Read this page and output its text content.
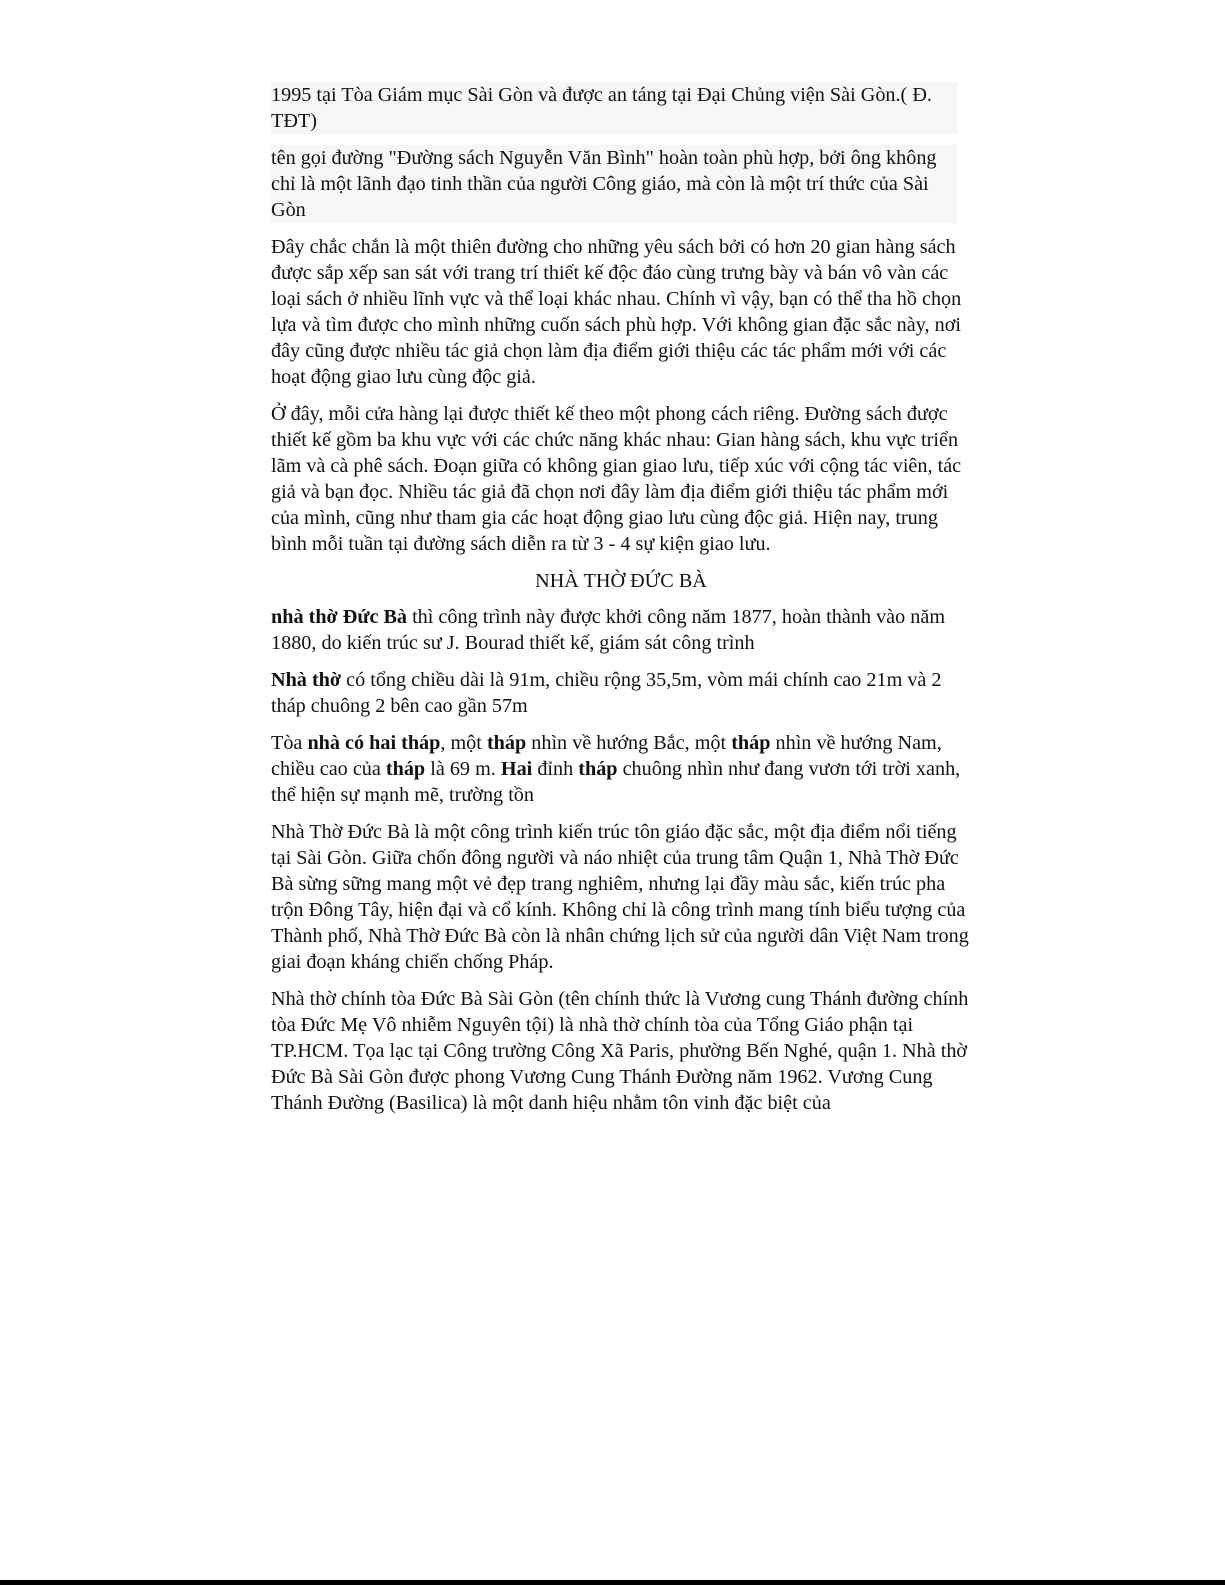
1995 tại Tòa Giám mục Sài Gòn và được an táng tại Đại Chủng viện Sài Gòn.( Đ. TĐT)

tên gọi đường "Đường sách Nguyễn Văn Bình" hoàn toàn phù hợp, bởi ông không chỉ là một lãnh đạo tinh thần của người Công giáo, mà còn là một trí thức của Sài Gòn

Đây chắc chắn là một thiên đường cho những yêu sách bởi có hơn 20 gian hàng sách được sắp xếp san sát với trang trí thiết kế độc đáo cùng trưng bày và bán vô vàn các loại sách ở nhiều lĩnh vực và thể loại khác nhau. Chính vì vậy, bạn có thể tha hồ chọn lựa và tìm được cho mình những cuốn sách phù hợp. Với không gian đặc sắc này, nơi đây cũng được nhiều tác giả chọn làm địa điểm giới thiệu các tác phẩm mới với các hoạt động giao lưu cùng độc giả.

Ở đây, mỗi cửa hàng lại được thiết kế theo một phong cách riêng. Đường sách được thiết kế gồm ba khu vực với các chức năng khác nhau: Gian hàng sách, khu vực triển lãm và cà phê sách. Đoạn giữa có không gian giao lưu, tiếp xúc với cộng tác viên, tác giả và bạn đọc. Nhiều tác giả đã chọn nơi đây làm địa điểm giới thiệu tác phẩm mới của mình, cũng như tham gia các hoạt động giao lưu cùng độc giả. Hiện nay, trung bình mỗi tuần tại đường sách diễn ra từ 3 - 4 sự kiện giao lưu.

NHÀ THỜ ĐỨC BÀ

nhà thờ Đức Bà thì công trình này được khởi công năm 1877, hoàn thành vào năm 1880, do kiến trúc sư J. Bourad thiết kế, giám sát công trình

Nhà thờ có tổng chiều dài là 91m, chiều rộng 35,5m, vòm mái chính cao 21m và 2 tháp chuông 2 bên cao gần 57m

Tòa nhà có hai tháp, một tháp nhìn về hướng Bắc, một tháp nhìn về hướng Nam, chiều cao của tháp là 69 m. Hai đỉnh tháp chuông nhìn như đang vươn tới trời xanh, thể hiện sự mạnh mẽ, trường tồn

Nhà Thờ Đức Bà là một công trình kiến trúc tôn giáo đặc sắc, một địa điểm nổi tiếng tại Sài Gòn. Giữa chốn đông người và náo nhiệt của trung tâm Quận 1, Nhà Thờ Đức Bà sừng sững mang một vẻ đẹp trang nghiêm, nhưng lại đầy màu sắc, kiến trúc pha trộn Đông Tây, hiện đại và cổ kính. Không chỉ là công trình mang tính biểu tượng của Thành phố, Nhà Thờ Đức Bà còn là nhân chứng lịch sử của người dân Việt Nam trong giai đoạn kháng chiến chống Pháp.

Nhà thờ chính tòa Đức Bà Sài Gòn (tên chính thức là Vương cung Thánh đường chính tòa Đức Mẹ Vô nhiễm Nguyên tội) là nhà thờ chính tòa của Tổng Giáo phận tại TP.HCM. Tọa lạc tại Công trường Công Xã Paris, phường Bến Nghé, quận 1. Nhà thờ Đức Bà Sài Gòn được phong Vương Cung Thánh Đường năm 1962. Vương Cung Thánh Đường (Basilica) là một danh hiệu nhằm tôn vinh đặc biệt của
